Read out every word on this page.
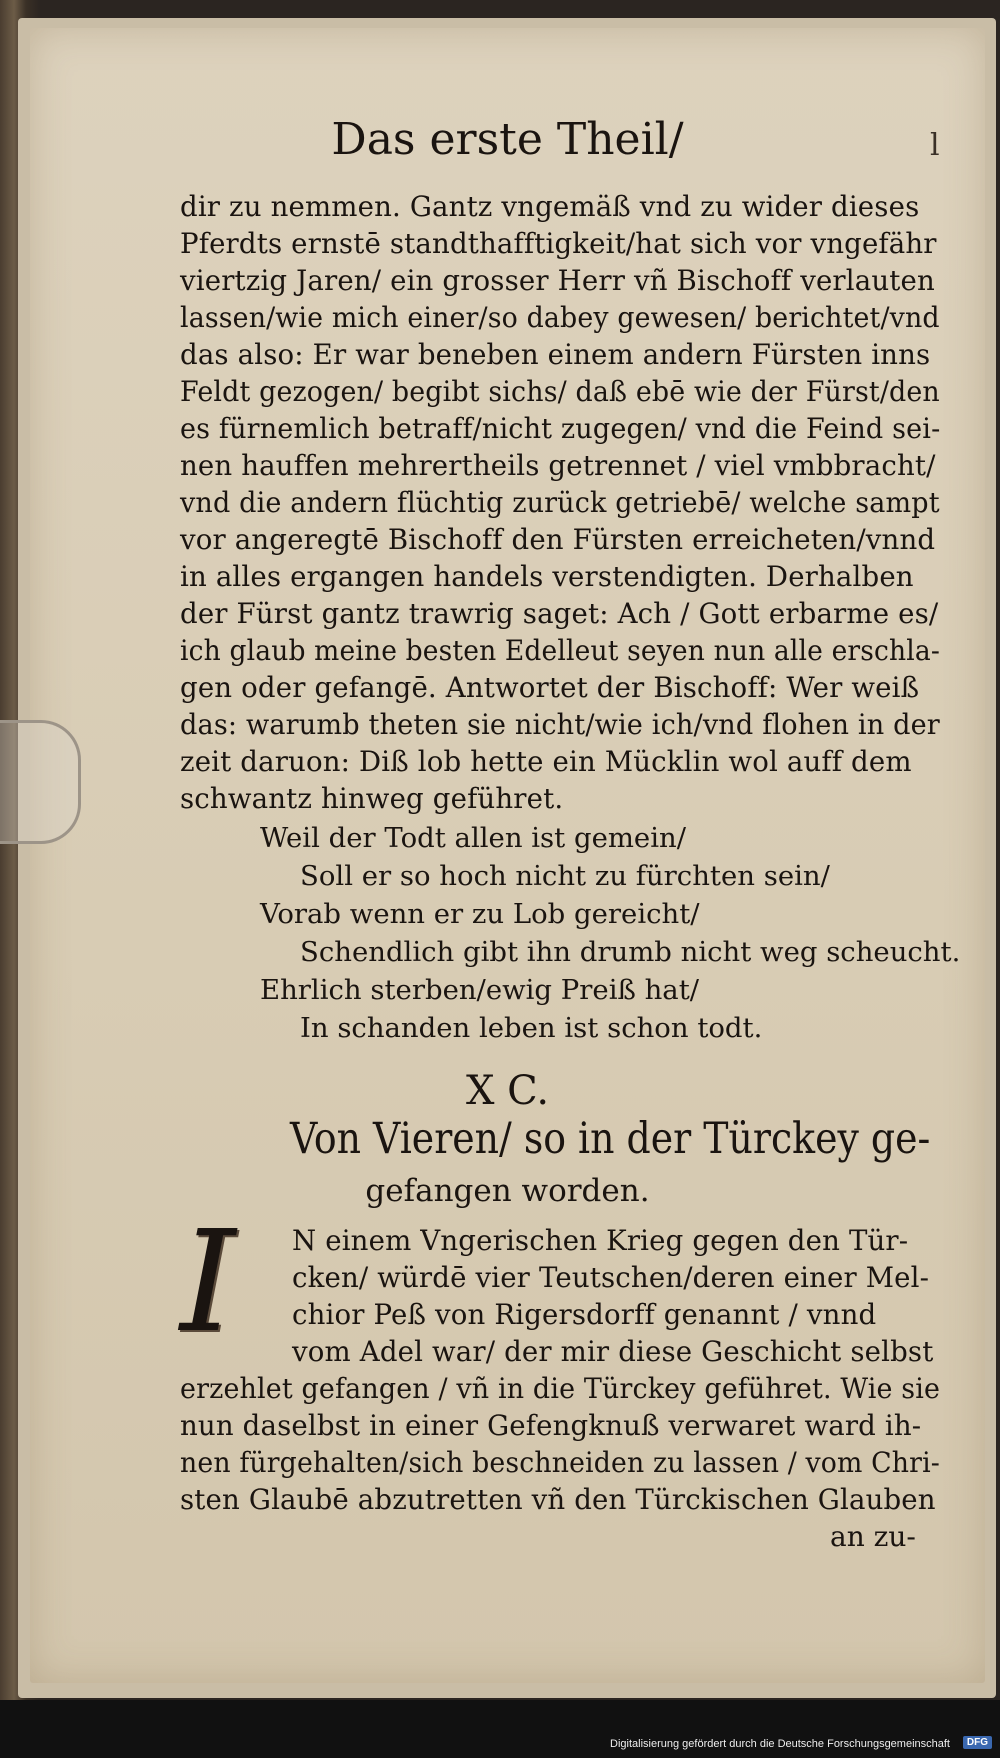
Das erste Theil/	l
dir zu nemmen. Gantz vngemäß vnd zu wider dieses
Pferdts ernstē standthafftigkeit/hat sich vor vngefähr
viertzig Jaren/ ein grosser Herr vñ Bischoff verlauten
lassen/wie mich einer/so dabey gewesen/ berichtet/vnd
das also: Er war beneben einem andern Fürsten inns
Feldt gezogen/ begibt sichs/ daß ebē wie der Fürst/den
es fürnemlich betraff/nicht zugegen/ vnd die Feind sei-
nen hauffen mehrertheils getrennet / viel vmbbracht/
vnd die andern flüchtig zurück getriebē/ welche sampt
vor angeregtē Bischoff den Fürsten erreicheten/vnnd
in alles ergangen handels verstendigten. Derhalben
der Fürst gantz trawrig saget: Ach / Gott erbarme es/
ich glaub meine besten Edelleut seyen nun alle erschla-
gen oder gefangē. Antwortet der Bischoff: Wer weiß
das: warumb theten sie nicht/wie ich/vnd flohen in der
zeit daruon: Diß lob hette ein Mücklin wol auff dem
schwantz hinweg geführet.
Weil der Todt allen ist gemein/
Soll er so hoch nicht zu fürchten sein/
Vorab wenn er zu Lob gereicht/
Schendlich gibt ihn drumb nicht weg scheucht.
Ehrlich sterben/ewig Preiß hat/
In schanden leben ist schon todt.
X C.
Von Vieren/ so in der Türckey ge-
gefangen worden.
I	N einem Vngerischen Krieg gegen den Tür-
cken/ würdē vier Teutschen/deren einer Mel-
chior Peß von Rigersdorff genannt / vnnd
vom Adel war/ der mir diese Geschicht selbst
erzehlet gefangen / vñ in die Türckey geführet. Wie sie
nun daselbst in einer Gefengknuß verwaret ward ih-
nen fürgehalten/sich beschneiden zu lassen / vom Chri-
sten Glaubē abzutretten vñ den Türckischen Glauben
an zu-
Digitalisierung gefördert durch die Deutsche Forschungsgemeinschaft	DFG
